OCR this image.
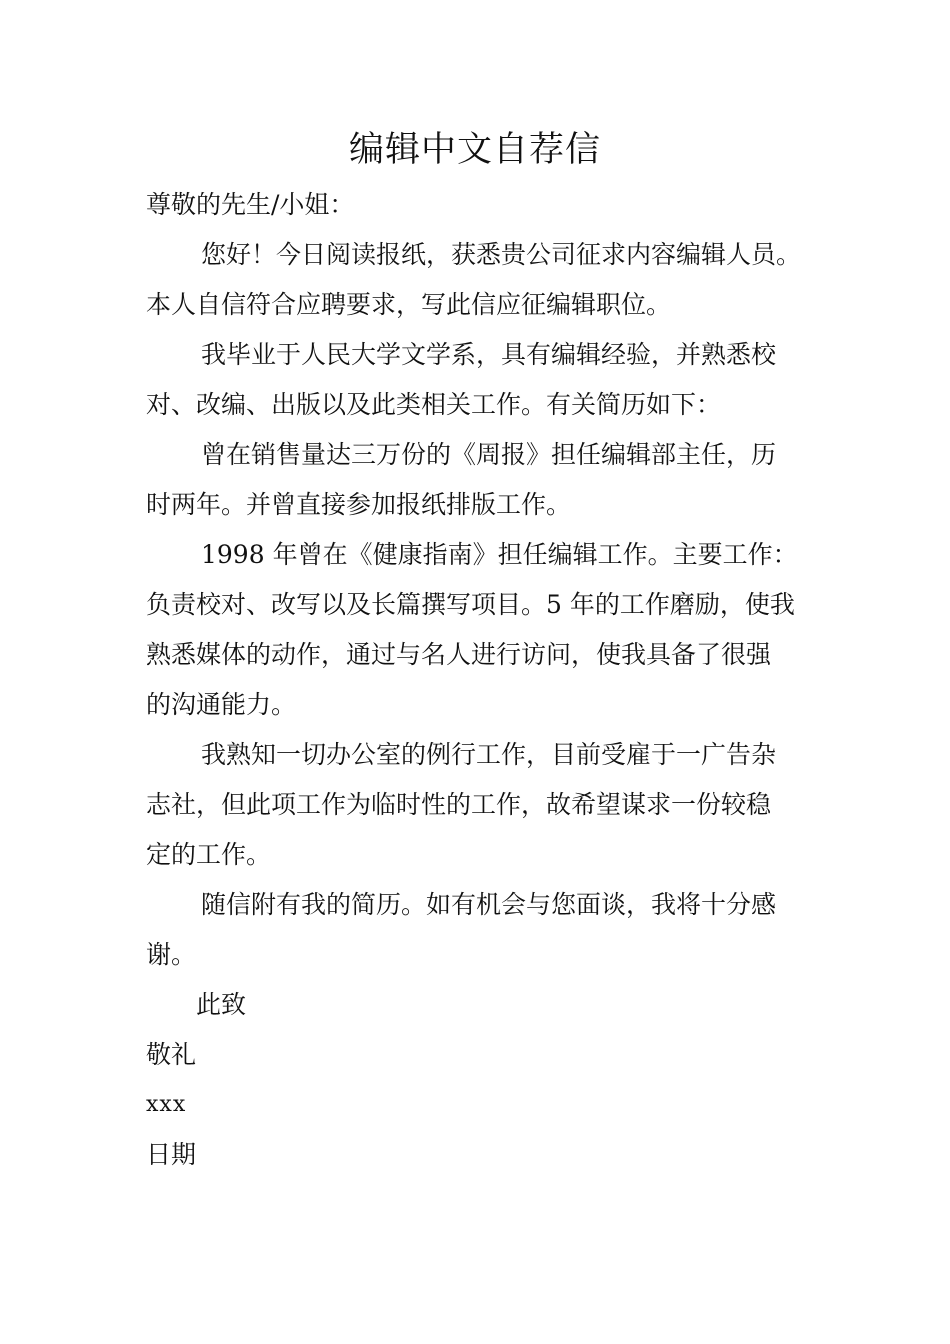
编辑中文自荐信
尊敬的先生/小姐：
您好！今日阅读报纸，获悉贵公司征求内容编辑人员。
本人自信符合应聘要求，写此信应征编辑职位。
我毕业于人民大学文学系，具有编辑经验，并熟悉校
对、改编、出版以及此类相关工作。有关简历如下：
曾在销售量达三万份的《周报》担任编辑部主任，历
时两年。并曾直接参加报纸排版工作。
1998 年曾在《健康指南》担任编辑工作。主要工作：
负责校对、改写以及长篇撰写项目。5 年的工作磨励，使我
熟悉媒体的动作，通过与名人进行访问，使我具备了很强
的沟通能力。
我熟知一切办公室的例行工作，目前受雇于一广告杂
志社，但此项工作为临时性的工作，故希望谋求一份较稳
定的工作。
随信附有我的简历。如有机会与您面谈，我将十分感
谢。
此致
敬礼
xxx
日期
